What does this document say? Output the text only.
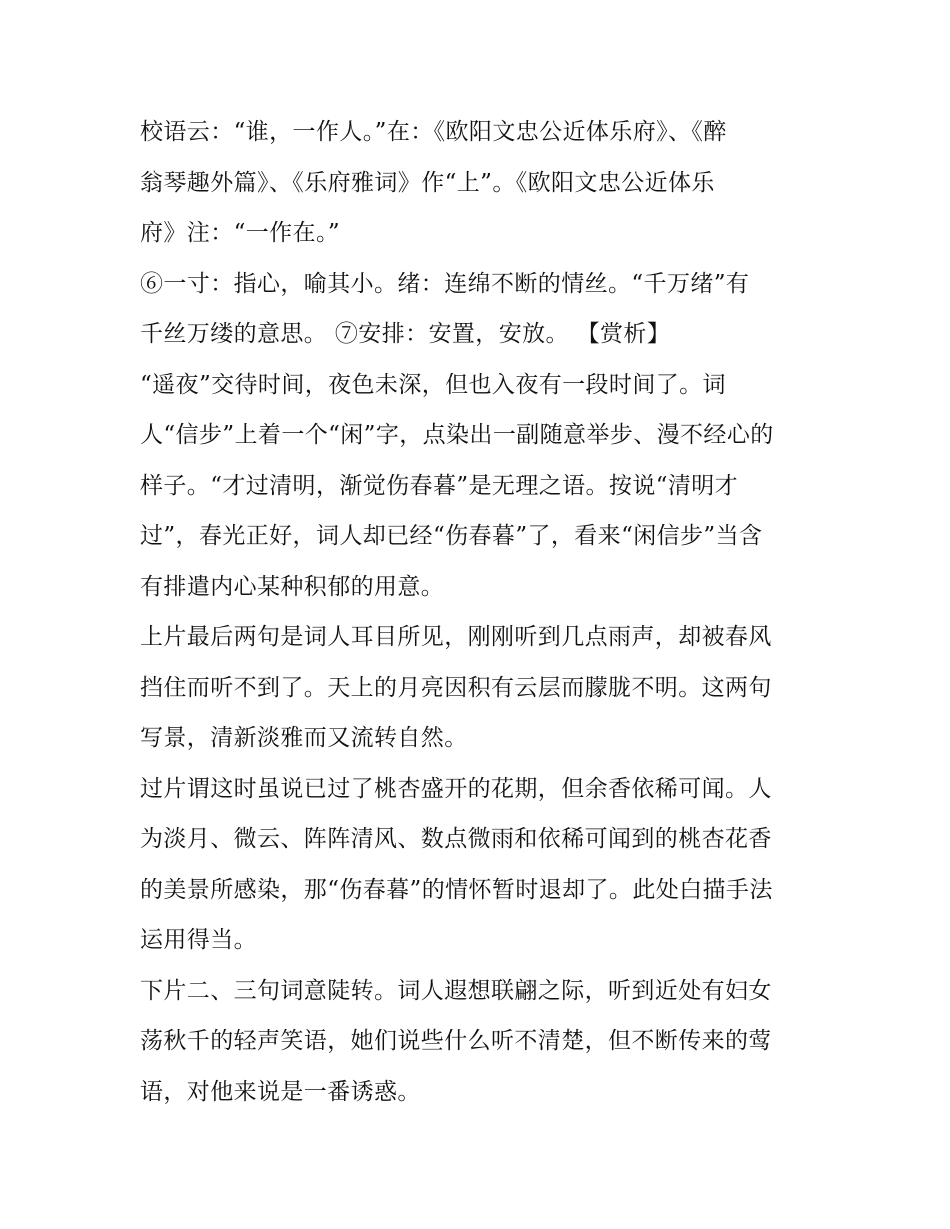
校语云：“谁，一作人。”在：《欧阳文忠公近体乐府》、《醉
翁琴趣外篇》、《乐府雅词》作“上”。《欧阳文忠公近体乐
府》注：“一作在。”
⑥一寸：指心，喻其小。绪：连绵不断的情丝。“千万绪”有
千丝万缕的意思。 ⑦安排：安置，安放。 【赏析】
“遥夜”交待时间，夜色未深，但也入夜有一段时间了。词
人“信步”上着一个“闲”字，点染出一副随意举步、漫不经心的
样子。“才过清明，渐觉伤春暮”是无理之语。按说“清明才
过”，春光正好，词人却已经“伤春暮”了，看来“闲信步”当含
有排遣内心某种积郁的用意。
上片最后两句是词人耳目所见，刚刚听到几点雨声，却被春风
挡住而听不到了。天上的月亮因积有云层而朦胧不明。这两句
写景，清新淡雅而又流转自然。
过片谓这时虽说已过了桃杏盛开的花期，但余香依稀可闻。人
为淡月、微云、阵阵清风、数点微雨和依稀可闻到的桃杏花香
的美景所感染，那“伤春暮”的情怀暂时退却了。此处白描手法
运用得当。
下片二、三句词意陡转。词人遐想联翩之际，听到近处有妇女
荡秋千的轻声笑语，她们说些什么听不清楚，但不断传来的莺
语，对他来说是一番诱惑。
